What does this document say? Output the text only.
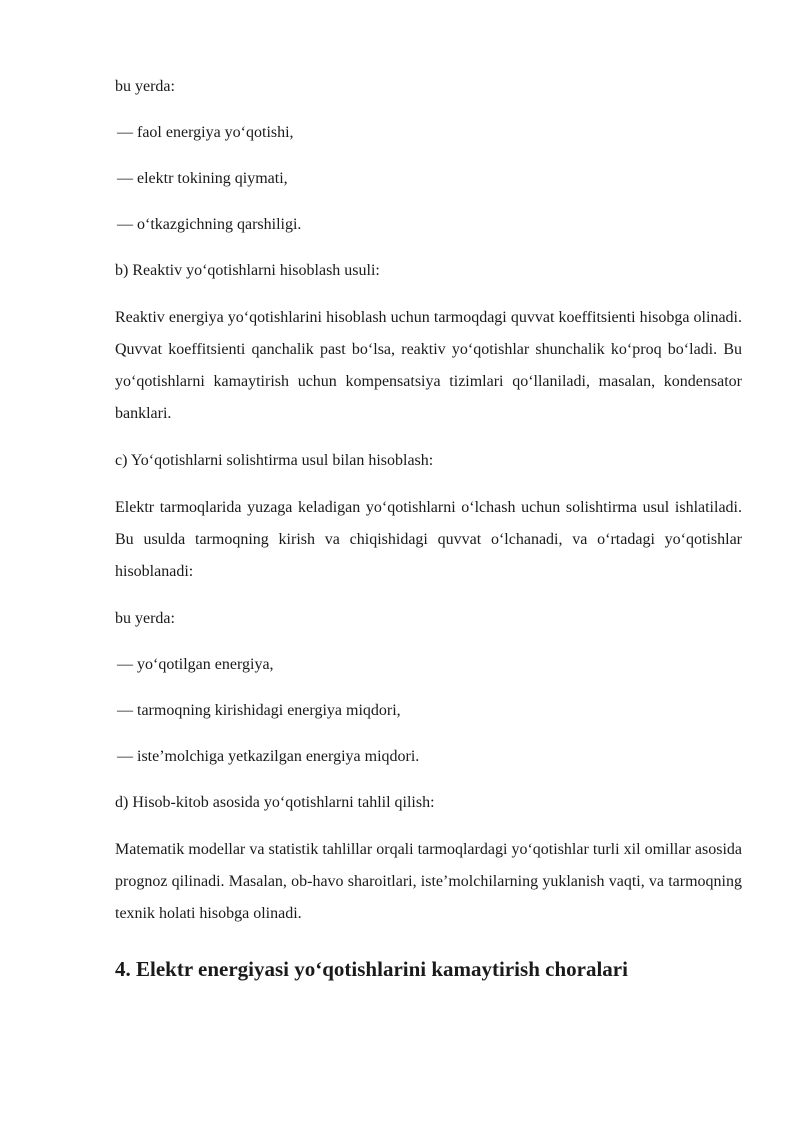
bu yerda:

— faol energiya yo‘qotishi,

— elektr tokining qiymati,

— o‘tkazgichning qarshiligi.

b) Reaktiv yo‘qotishlarni hisoblash usuli:

Reaktiv energiya yo‘qotishlarini hisoblash uchun tarmoqdagi quvvat koeffitsienti hisobga olinadi. Quvvat koeffitsienti qanchalik past bo‘lsa, reaktiv yo‘qotishlar shunchalik ko‘proq bo‘ladi. Bu yo‘qotishlarni kamaytirish uchun kompensatsiya tizimlari qo‘llaniladi, masalan, kondensator banklari.

c) Yo‘qotishlarni solishtirma usul bilan hisoblash:

Elektr tarmoqlarida yuzaga keladigan yo‘qotishlarni o‘lchash uchun solishtirma usul ishlatiladi. Bu usulda tarmoqning kirish va chiqishidagi quvvat o‘lchanadi, va o‘rtadagi yo‘qotishlar hisoblanadi:

bu yerda:

— yo‘qotilgan energiya,

— tarmoqning kirishidagi energiya miqdori,

— iste’molchiga yetkazilgan energiya miqdori.

d) Hisob-kitob asosida yo‘qotishlarni tahlil qilish:

Matematik modellar va statistik tahlillar orqali tarmoqlardagi yo‘qotishlar turli xil omillar asosida prognoz qilinadi. Masalan, ob-havo sharoitlari, iste’molchilarning yuklanish vaqti, va tarmoqning texnik holati hisobga olinadi.

4. Elektr energiyasi yo‘qotishlarini kamaytirish choralari
